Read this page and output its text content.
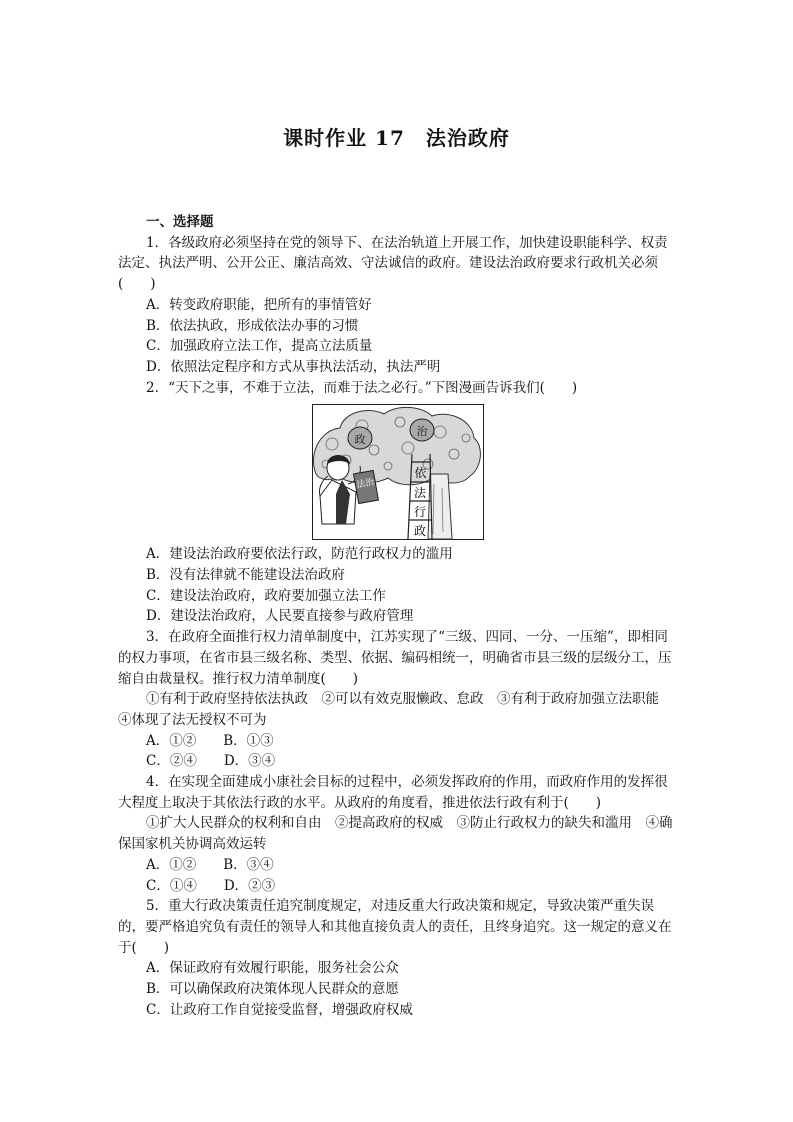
课时作业 17　法治政府

一、选择题

1．各级政府必须坚持在党的领导下、在法治轨道上开展工作，加快建设职能科学、权责法定、执法严明、公开公正、廉洁高效、守法诚信的政府。建设法治政府要求行政机关必须(　　)

A．转变政府职能，把所有的事情管好

B．依法执政，形成依法办事的习惯

C．加强政府立法工作，提高立法质量

D．依照法定程序和方式从事执法活动，执法严明

2．“天下之事，不难于立法，而难于法之必行。”下图漫画告诉我们(　　)

政
治
依
法
行
政
法治

A．建设法治政府要依法行政，防范行政权力的滥用

B．没有法律就不能建设法治政府

C．建设法治政府，政府要加强立法工作

D．建设法治政府，人民要直接参与政府管理

3．在政府全面推行权力清单制度中，江苏实现了“三级、四同、一分、一压缩”，即相同的权力事项，在省市县三级名称、类型、依据、编码相统一，明确省市县三级的层级分工，压缩自由裁量权。推行权力清单制度(　　)

①有利于政府坚持依法执政　②可以有效克服懒政、怠政　③有利于政府加强立法职能　④体现了法无授权不可为

A．①②　　B．①③

C．②④　　D．③④

4．在实现全面建成小康社会目标的过程中，必须发挥政府的作用，而政府作用的发挥很大程度上取决于其依法行政的水平。从政府的角度看，推进依法行政有利于(　　)

①扩大人民群众的权利和自由　②提高政府的权威　③防止行政权力的缺失和滥用　④确保国家机关协调高效运转

A．①②　　B．③④

C．①④　　D．②③

5．重大行政决策责任追究制度规定，对违反重大行政决策和规定，导致决策严重失误的，要严格追究负有责任的领导人和其他直接负责人的责任，且终身追究。这一规定的意义在于(　　)

A．保证政府有效履行职能，服务社会公众

B．可以确保政府决策体现人民群众的意愿

C．让政府工作自觉接受监督，增强政府权威
